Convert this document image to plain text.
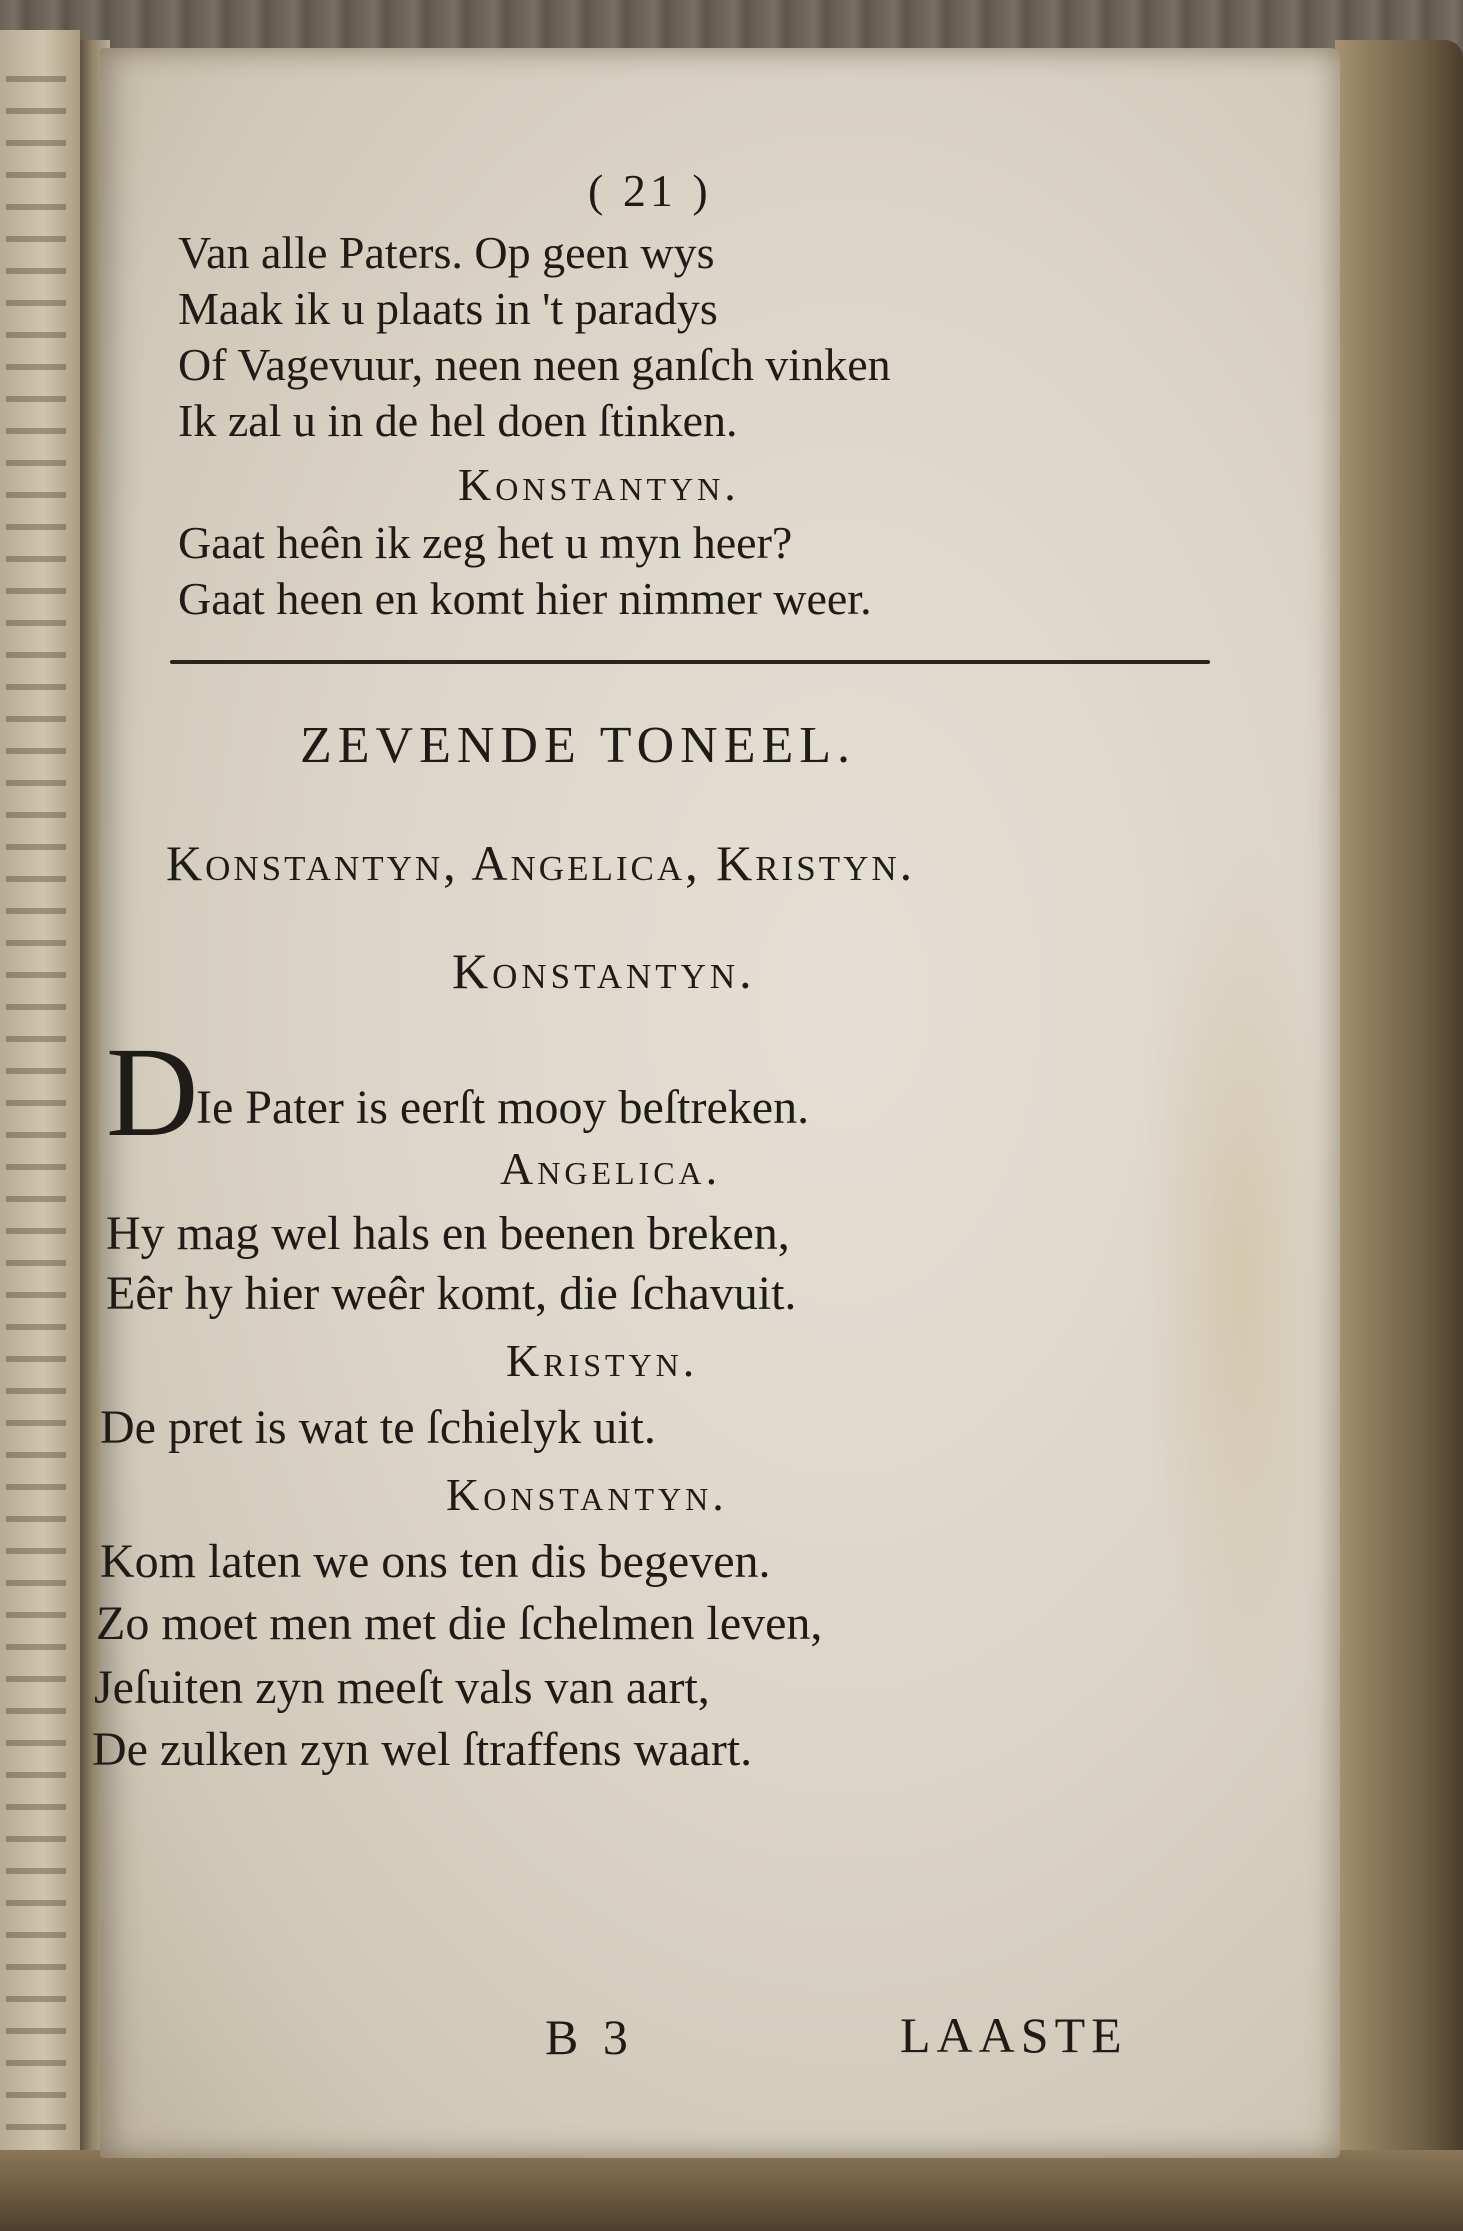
( 21 )
Van alle Paters. Op geen wys
Maak ik u plaats in 't paradys
Of Vagevuur, neen neen ganſch vinken
Ik zal u in de hel doen ſtinken.
Konstantyn.
Gaat heên ik zeg het u myn heer?
Gaat heen en komt hier nimmer weer.
ZEVENDE TONEEL.
Konstantyn, Angelica, Kristyn.
Konstantyn.
D
Ie Pater is eerſt mooy beſtreken.
Angelica.
Hy mag wel hals en beenen breken,
Eêr hy hier weêr komt, die ſchavuit.
Kristyn.
De pret is wat te ſchielyk uit.
Konstantyn.
Kom laten we ons ten dis begeven.
Zo moet men met die ſchelmen leven,
Jeſuiten zyn meeſt vals van aart,
De zulken zyn wel ſtraffens waart.
B 3	LAASTE
